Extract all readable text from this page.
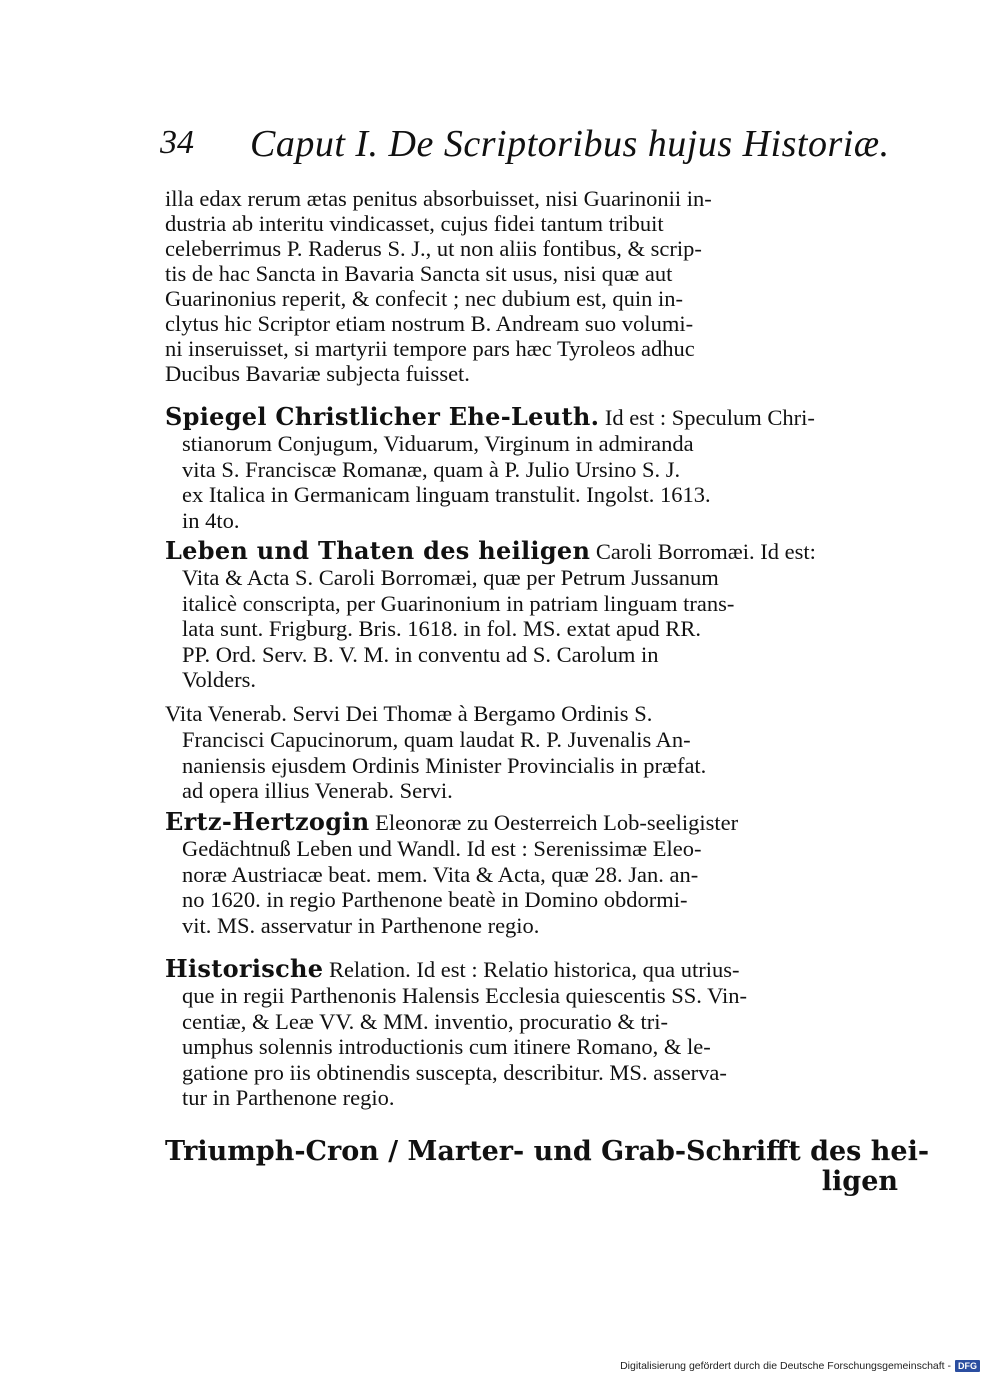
34 Caput I. De Scriptoribus hujus Historiæ.

illa edax rerum ætas penitus absorbuisset, nisi Guarinonii in-
dustria ab interitu vindicasset, cujus fidei tantum tribuit
celeberrimus P. Raderus S. J., ut non aliis fontibus, & scrip-
tis de hac Sancta in Bavaria Sancta sit usus, nisi quæ aut
Guarinonius reperit, & confecit ; nec dubium est, quin in-
clytus hic Scriptor etiam nostrum B. Andream suo volumi-
ni inseruisset, si martyrii tempore pars hæc Tyroleos adhuc
Ducibus Bavariæ subjecta fuisset.

Spiegel Christlicher Ehe-Leuth. Id est : Speculum Chri-
stianorum Conjugum, Viduarum, Virginum in admiranda
vita S. Franciscæ Romanæ, quam à P. Julio Ursino S. J.
ex Italica in Germanicam linguam transtulit. Ingolst. 1613.
in 4to.
Leben und Thaten des heiligen Caroli Borromæi. Id est:
Vita & Acta S. Caroli Borromæi, quæ per Petrum Jussanum
italicè conscripta, per Guarinonium in patriam linguam trans-
lata sunt. Frigburg. Bris. 1618. in fol. MS. extat apud RR.
PP. Ord. Serv. B. V. M. in conventu ad S. Carolum in
Volders.
Vita Venerab. Servi Dei Thomæ à Bergamo Ordinis S.
Francisci Capucinorum, quam laudat R. P. Juvenalis An-
naniensis ejusdem Ordinis Minister Provincialis in præfat.
ad opera illius Venerab. Servi.
Ertz-Hertzogin Eleonoræ zu Oesterreich Lob-seeligister
Gedächtnuß Leben und Wandl. Id est : Serenissimæ Eleo-
noræ Austriacæ beat. mem. Vita & Acta, quæ 28. Jan. an-
no 1620. in regio Parthenone beatè in Domino obdormi-
vit. MS. asservatur in Parthenone regio.
Historische Relation. Id est : Relatio historica, qua utrius-
que in regii Parthenonis Halensis Ecclesia quiescentis SS. Vin-
centiæ, & Leæ VV. & MM. inventio, procuratio & tri-
umphus solennis introductionis cum itinere Romano, & le-
gatione pro iis obtinendis suscepta, describitur. MS. asserva-
tur in Parthenone regio.
Triumph-Cron / Marter- und Grab-Schrifft des hei-
ligen
Digitalisierung gefördert durch die Deutsche Forschungsgemeinschaft - DFG
